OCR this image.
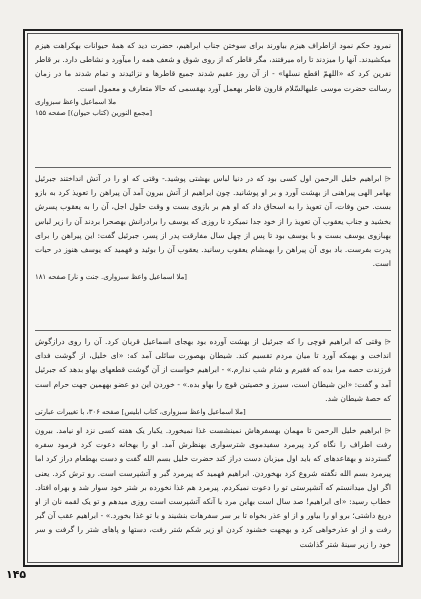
نمرود حکم نمود ازاطراف هیزم بیاورند برای سوختن جناب ابراهیم، حضرت دید که همهٔ حیوانات بهکراهت هیزم میکشیدند. آنها را میزدند تا راه میرفتند، مگر قاطر که از روی شوق و شعف همه را میآورد و نشاطی دارد. بر قاطر نفرین کرد که «اللهمّ اقطع نسلها» - از آن روز عقیم شدند جمیع قاطرها و نزائیدند و تمام شدند ما در زمان رسالت حضرت موسی علیهالسّلام قارون قاطر بهعمل آورد بهقسمی که حالا متعارف و معمول است.

ملا اسماعیل واعظ سبزواری

[مجمع النورین (کتاب حیوان)] صفحه ۱۵۵

⩤ ابراهیم خلیل الرحمن اول کسی بود که در دنیا لباس بهشتی پوشید.- وقتی که او را در آتش انداختند جبرئیل بهامر الهی پیراهنی از بهشت آورد و بر او پوشانید. چون ابراهیم از آتش بیرون آمد آن پیراهن را تعویذ کرد به بازو بست. حین وفات، آن تعویذ را به اسحاق داد که او هم بر بازوی بست و وقت حلول اجل، آن را به یعقوب پسرش بخشید و جناب یعقوب آن تعویذ را از خود جدا نمیکرد تا روزی که یوسف را برادرانش بهصحرا بردند آن را زیر لباس بهبازوی یوسف بست و با یوسف بود تا پس از چهل سال مفارقت پدر از پسر، جبرئیل گفت: این پیراهن را برای پدرت بفرست. باد بوی آن پیراهن را بهمشام یعقوب رسانید. یعقوب آن را بوئید و فهمید که یوسف هنوز در حیات است.

[ملا اسماعیل واعظ سبزواری. جنت و نار] صفحه ۱۸۱

⩤ وقتی که ابراهیم قوچی را که جبرئیل از بهشت آورده بود بهجای اسماعیل قربان کرد. آن را روی درازگوش انداخت و بهمکه آورد تا میان مردم تقسیم کند. شیطان بهصورت سائلی آمد که: «ای خلیل، از گوشت فدای فرزندت حصه مرا بده که فقیرم و شام شب ندارم.» - ابراهیم خواست از آن گوشت قطعهای بهاو بدهد که جبرئیل آمد و گفت: «این شیطان است، سیرز و خصیتین قوچ را بهاو بده.» - خوردن این دو عضو بههمین جهت حرام است که حصهٔ شیطان شد.

[ملا اسماعیل واعظ سبزواری، کتاب ابلیس] صفحه ۳۰۶، با تغییرات عبارتی

⩤ ابراهیم خلیل الرحمن تا مهمان بهسفرهاش نمینشست غذا نمیخورد. یکبار یک هفته کسی نزد او نیامد. بیرون رفت اطراف را نگاه کرد پیرمرد سفیدموی شترسواری بهنظرش آمد. او را بهخانه دعوت کرد فرمود سفره گستردند و بهقاعدهای که باید اول میزبان دست دراز کند حضرت خلیل بسم الله گفت و دست بهطعام دراز کرد اما پیرمرد بسم الله نگفته شروع کرد بهخوردن. ابراهیم فهمید که پیرمرد گبر و آتشپرست است. رو ترش کرد. یعنی اگر اول میدانستم که آتشپرستی تو را دعوت نمیکردم. پیرمرد هم غذا نخورده بر شتر خود سوار شد و بهراه افتاد. خطاب رسید: «ای ابراهیم! صد سال است بهاین مرد با آنکه آتشپرست است روزی میدهم و تو یک لقمه نان از او دریغ داشتی؛ برو او را بیاور و از او عذر بخواه تا بر سر سفرهات بنشیند و با تو غذا بخورد.» - ابراهیم عقب آن گبر رفت و از او عذرخواهی کرد و بهجهت خشنود کردن او زیر شکم شتر رفت، دستها و پاهای شتر را گرفت و سر خود را زیر سینهٔ شتر گذاشت

۱۴۵
